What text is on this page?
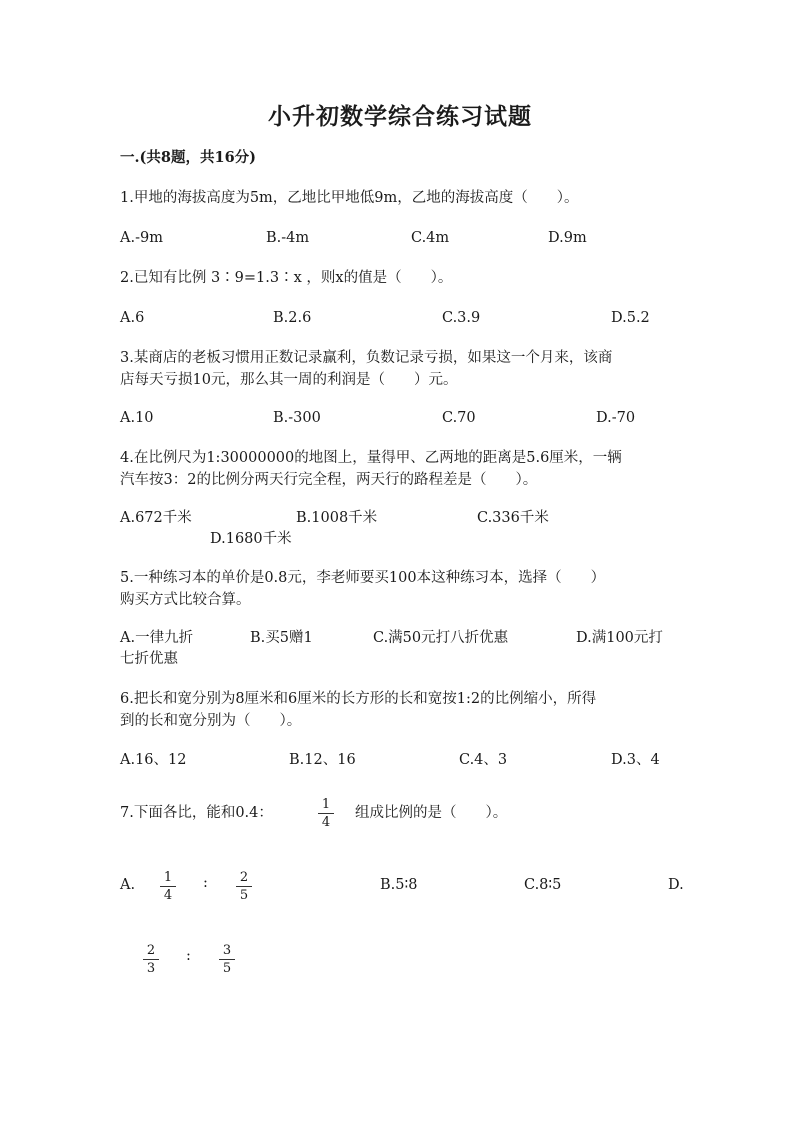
小升初数学综合练习试题
一.(共8题，共16分)
1.甲地的海拔高度为5m，乙地比甲地低9m，乙地的海拔高度（　　）。
A.-9m	B.-4m	C.4m	D.9m
2.已知有比例 3∶9=1.3∶x ，则x的值是（　　）。
A.6	B.2.6	C.3.9	D.5.2
3.某商店的老板习惯用正数记录赢利，负数记录亏损，如果这一个月来，该商
店每天亏损10元，那么其一周的利润是（　　）元。
A.10	B.-300	C.70	D.-70
4.在比例尺为1:30000000的地图上，量得甲、乙两地的距离是5.6厘米，一辆
汽车按3：2的比例分两天行完全程，两天行的路程差是（　　）。
A.672千米	B.1008千米	C.336千米
D.1680千米
5.一种练习本的单价是0.8元，李老师要买100本这种练习本，选择（　　）
购买方式比较合算。
A.一律九折	B.买5赠1	C.满50元打八折优惠	D.满100元打
七折优惠
6.把长和宽分别为8厘米和6厘米的长方形的长和宽按1:2的比例缩小，所得
到的长和宽分别为（　　）。
A.16、12	B.12、16	C.4、3	D.3、4
7.下面各比，能和0.4：	$\frac{1}{4}$ 组成比例的是（　　）。
A. $\frac{1}{4}$ : $\frac{2}{5}$	B.5∶8	C.8∶5	D.
$\frac{2}{3}$ : $\frac{3}{5}$
